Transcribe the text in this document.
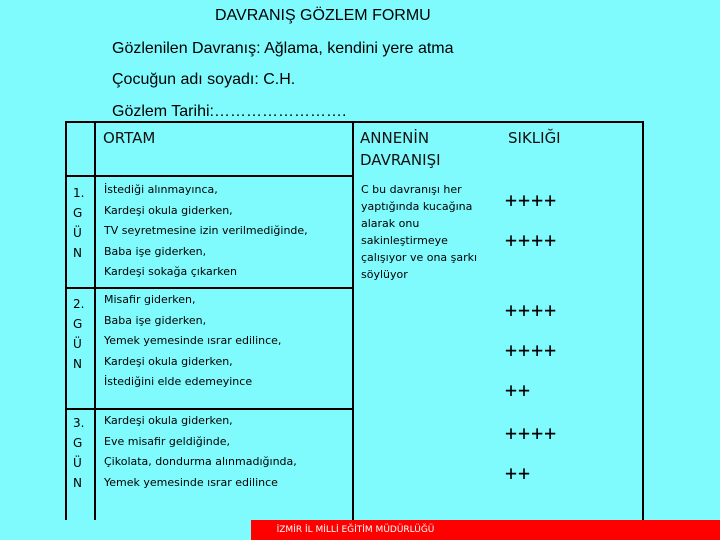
DAVRANIŞ GÖZLEM FORMU
Gözlenilen Davranış: Ağlama, kendini yere atma
Çocuğun adı soyadı: C.H.
Gözlem Tarihi:…………………….
ORTAM	ANNENİN DAVRANIŞI
SIKLIĞI
1.
G
Ü
N
İstediği alınmayınca,
Kardeşi okula giderken,
TV seyretmesine izin verilmediğinde,
Baba işe giderken,
Kardeşi sokağa çıkarken
2.
G
Ü
N
Misafir giderken,
Baba işe giderken,
Yemek yemesinde ısrar edilince,
Kardeşi okula giderken,
İstediğini elde edemeyince
3.
G
Ü
N
Kardeşi okula giderken,
Eve misafir geldiğinde,
Çikolata, dondurma alınmadığında,
Yemek yemesinde ısrar edilince
C bu davranışı her yaptığında kucağına alarak onu sakinleştirmeye çalışıyor ve ona şarkı söylüyor
++++
++++
++++
++++
++
++++
++
İZMİR İL MİLLİ EĞİTİM MÜDÜRLÜĞÜ
